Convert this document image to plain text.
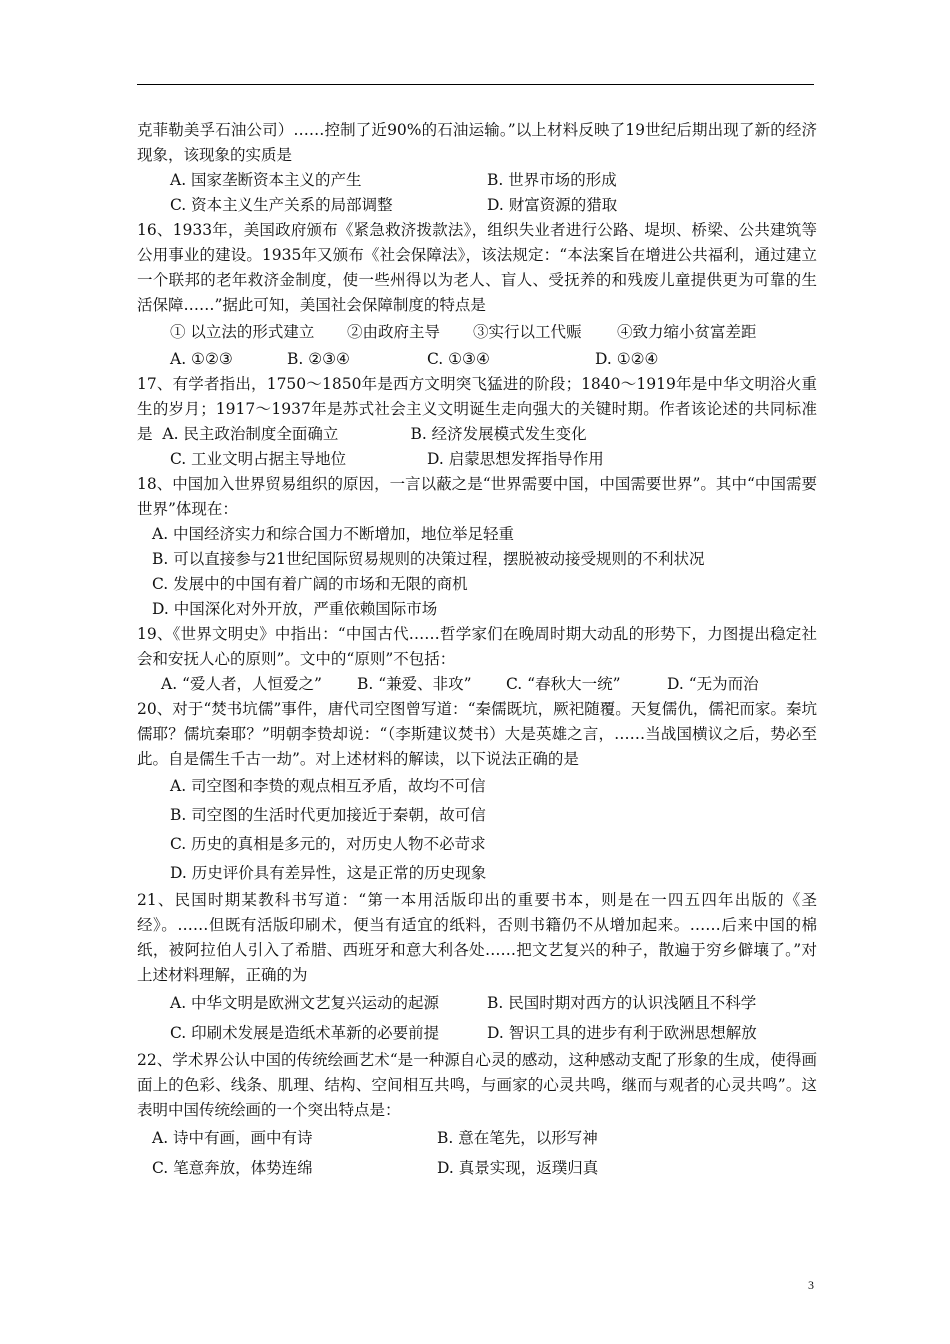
克菲勒美孚石油公司）……控制了近90%的石油运输。”以上材料反映了19世纪后期出现了新的经济现象，该现象的实质是

A. 国家垄断资本主义的产生	B. 世界市场的形成
C. 资本主义生产关系的局部调整	D. 财富资源的猎取

16、1933年，美国政府颁布《紧急救济拨款法》，组织失业者进行公路、堤坝、桥梁、公共建筑等公用事业的建设。1935年又颁布《社会保障法》，该法规定：“本法案旨在增进公共福利，通过建立一个联邦的老年救济金制度，使一些州得以为老人、盲人、受抚养的和残废儿童提供更为可靠的生活保障……”据此可知，美国社会保障制度的特点是

① 以立法的形式建立 ②由政府主导 ③实行以工代赈 ④致力缩小贫富差距
A. ①②③	B. ②③④	C. ①③④	D. ①②④

17、有学者指出，1750～1850年是西方文明突飞猛进的阶段；1840～1919年是中华文明浴火重生的岁月；1917～1937年是苏式社会主义文明诞生走向强大的关键时期。作者该论述的共同标准是 A. 民主政治制度全面确立	B. 经济发展模式发生变化

C. 工业文明占据主导地位	D. 启蒙思想发挥指导作用

18、中国加入世界贸易组织的原因，一言以蔽之是“世界需要中国，中国需要世界”。其中“中国需要世界”体现在：

A. 中国经济实力和综合国力不断增加，地位举足轻重
B. 可以直接参与21世纪国际贸易规则的决策过程，摆脱被动接受规则的不利状况
C. 发展中的中国有着广阔的市场和无限的商机
D. 中国深化对外开放，严重依赖国际市场

19、《世界文明史》中指出：“中国古代……哲学家们在晚周时期大动乱的形势下，力图提出稳定社会和安抚人心的原则”。文中的“原则”不包括：

A. “爱人者，人恒爱之” B. “兼爱、非攻” C. “春秋大一统”	D. “无为而治

20、对于“焚书坑儒”事件，唐代司空图曾写道：“秦儒既坑，厥祀随覆。天复儒仇，儒祀而家。秦坑儒耶？儒坑秦耶？”明朝李贽却说：“（李斯建议焚书）大是英雄之言，……当战国横议之后，势必至此。自是儒生千古一劫”。对上述材料的解读，以下说法正确的是

A. 司空图和李贽的观点相互矛盾，故均不可信
B. 司空图的生活时代更加接近于秦朝，故可信
C. 历史的真相是多元的，对历史人物不必苛求
D. 历史评价具有差异性，这是正常的历史现象

21、民国时期某教科书写道：“第一本用活版印出的重要书本，则是在一四五四年出版的《圣经》。……但既有活版印刷术，便当有适宜的纸料，否则书籍仍不从增加起来。……后来中国的棉纸，被阿拉伯人引入了希腊、西班牙和意大利各处……把文艺复兴的种子，散遍于穷乡僻壤了。”对上述材料理解，正确的为

A. 中华文明是欧洲文艺复兴运动的起源	B. 民国时期对西方的认识浅陋且不科学
C. 印刷术发展是造纸术革新的必要前提	D. 智识工具的进步有利于欧洲思想解放

22、学术界公认中国的传统绘画艺术“是一种源自心灵的感动，这种感动支配了形象的生成，使得画面上的色彩、线条、肌理、结构、空间相互共鸣，与画家的心灵共鸣，继而与观者的心灵共鸣”。这表明中国传统绘画的一个突出特点是：

A. 诗中有画，画中有诗	B. 意在笔先，以形写神
C. 笔意奔放，体势连绵	D. 真景实现，返璞归真
3
